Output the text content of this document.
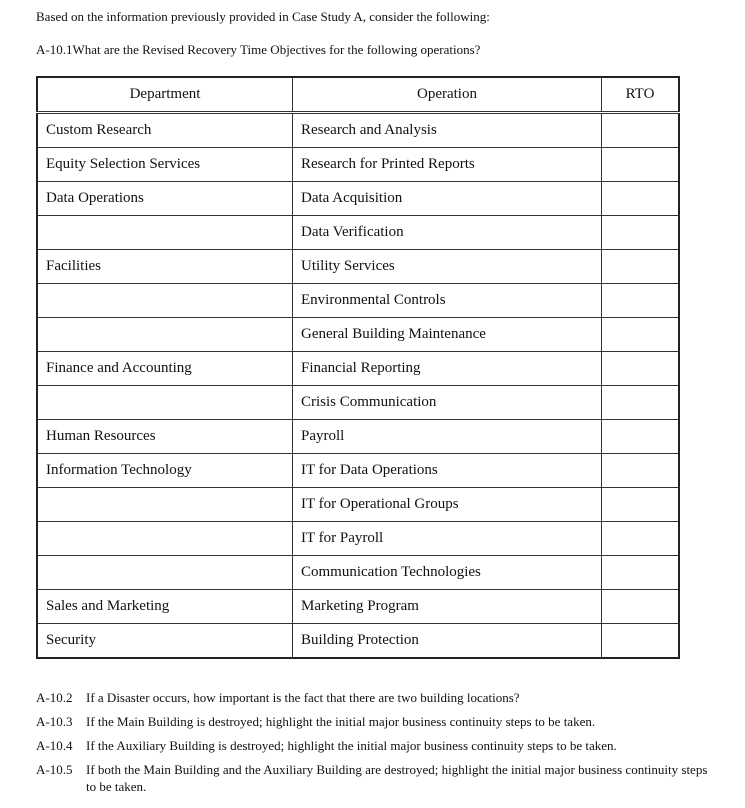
Based on the information previously provided in Case Study A, consider the following:

A-10.1What are the Revised Recovery Time Objectives for the following operations?

Department	Operation	RTO
Custom Research	Research and Analysis	
Equity Selection Services	Research for Printed Reports	
Data Operations	Data Acquisition	
	Data Verification	
Facilities	Utility Services	
	Environmental Controls	
	General Building Maintenance	
Finance and Accounting	Financial Reporting	
	Crisis Communication	
Human Resources	Payroll	
Information Technology	IT for Data Operations	
	IT for Operational Groups	
	IT for Payroll	
	Communication Technologies	
Sales and Marketing	Marketing Program	
Security	Building Protection	
A-10.2	If a Disaster occurs, how important is the fact that there are two building locations?
A-10.3	If the Main Building is destroyed; highlight the initial major business continuity steps to be taken.
A-10.4	If the Auxiliary Building is destroyed; highlight the initial major business continuity steps to be taken.
A-10.5	If both the Main Building and the Auxiliary Building are destroyed; highlight the initial major business continuity steps to be taken.
